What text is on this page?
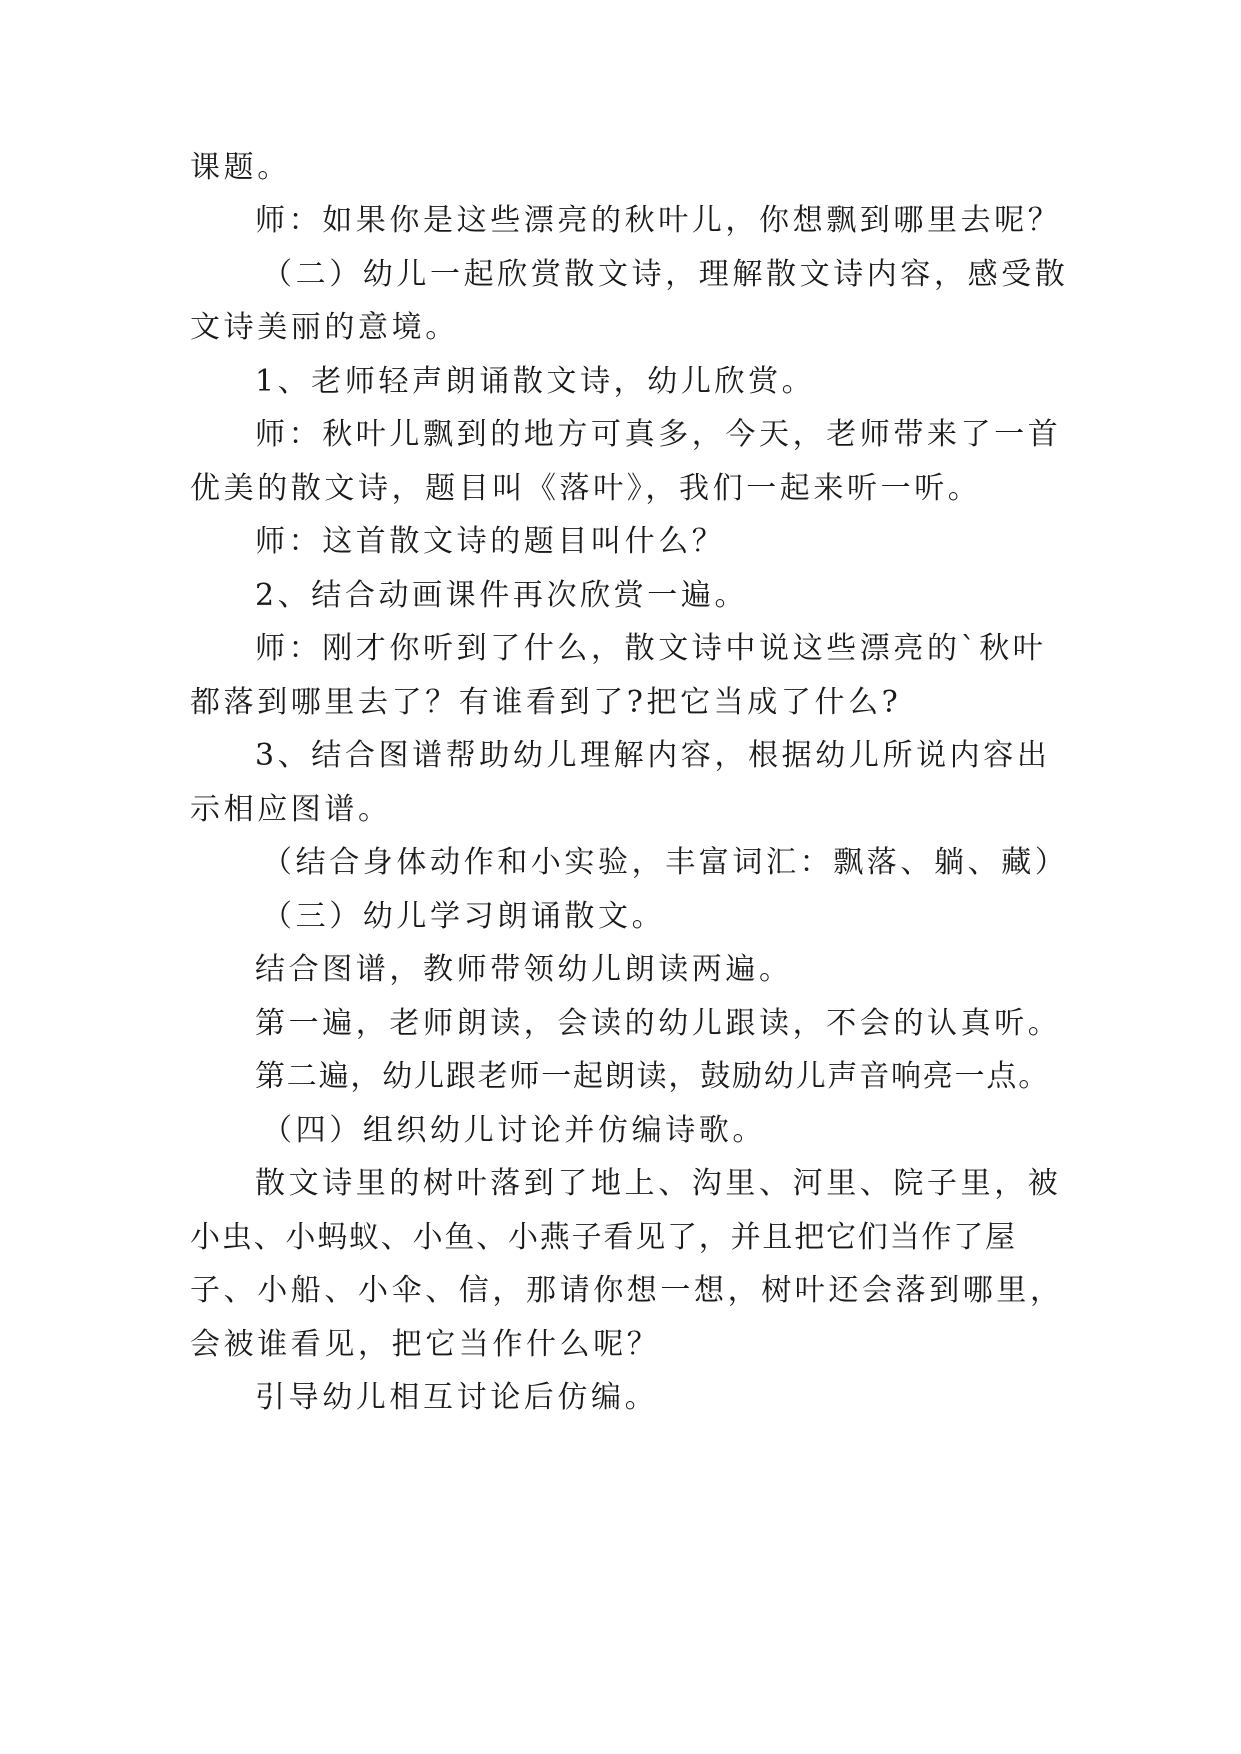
课题。
师：如果你是这些漂亮的秋叶儿，你想飘到哪里去呢？
（二）幼儿一起欣赏散文诗，理解散文诗内容，感受散
文诗美丽的意境。
1、老师轻声朗诵散文诗，幼儿欣赏。
师：秋叶儿飘到的地方可真多，今天，老师带来了一首
优美的散文诗，题目叫《落叶》，我们一起来听一听。
师：这首散文诗的题目叫什么？
2、结合动画课件再次欣赏一遍。
师：刚才你听到了什么，散文诗中说这些漂亮的`秋叶
都落到哪里去了？有谁看到了?把它当成了什么?
3、结合图谱帮助幼儿理解内容，根据幼儿所说内容出
示相应图谱。
（结合身体动作和小实验，丰富词汇：飘落、躺、藏）
（三）幼儿学习朗诵散文。
结合图谱，教师带领幼儿朗读两遍。
第一遍，老师朗读，会读的幼儿跟读，不会的认真听。
第二遍，幼儿跟老师一起朗读，鼓励幼儿声音响亮一点。
（四）组织幼儿讨论并仿编诗歌。
散文诗里的树叶落到了地上、沟里、河里、院子里，被
小虫、小蚂蚁、小鱼、小燕子看见了，并且把它们当作了屋
子、小船、小伞、信，那请你想一想，树叶还会落到哪里，
会被谁看见，把它当作什么呢？
引导幼儿相互讨论后仿编。
